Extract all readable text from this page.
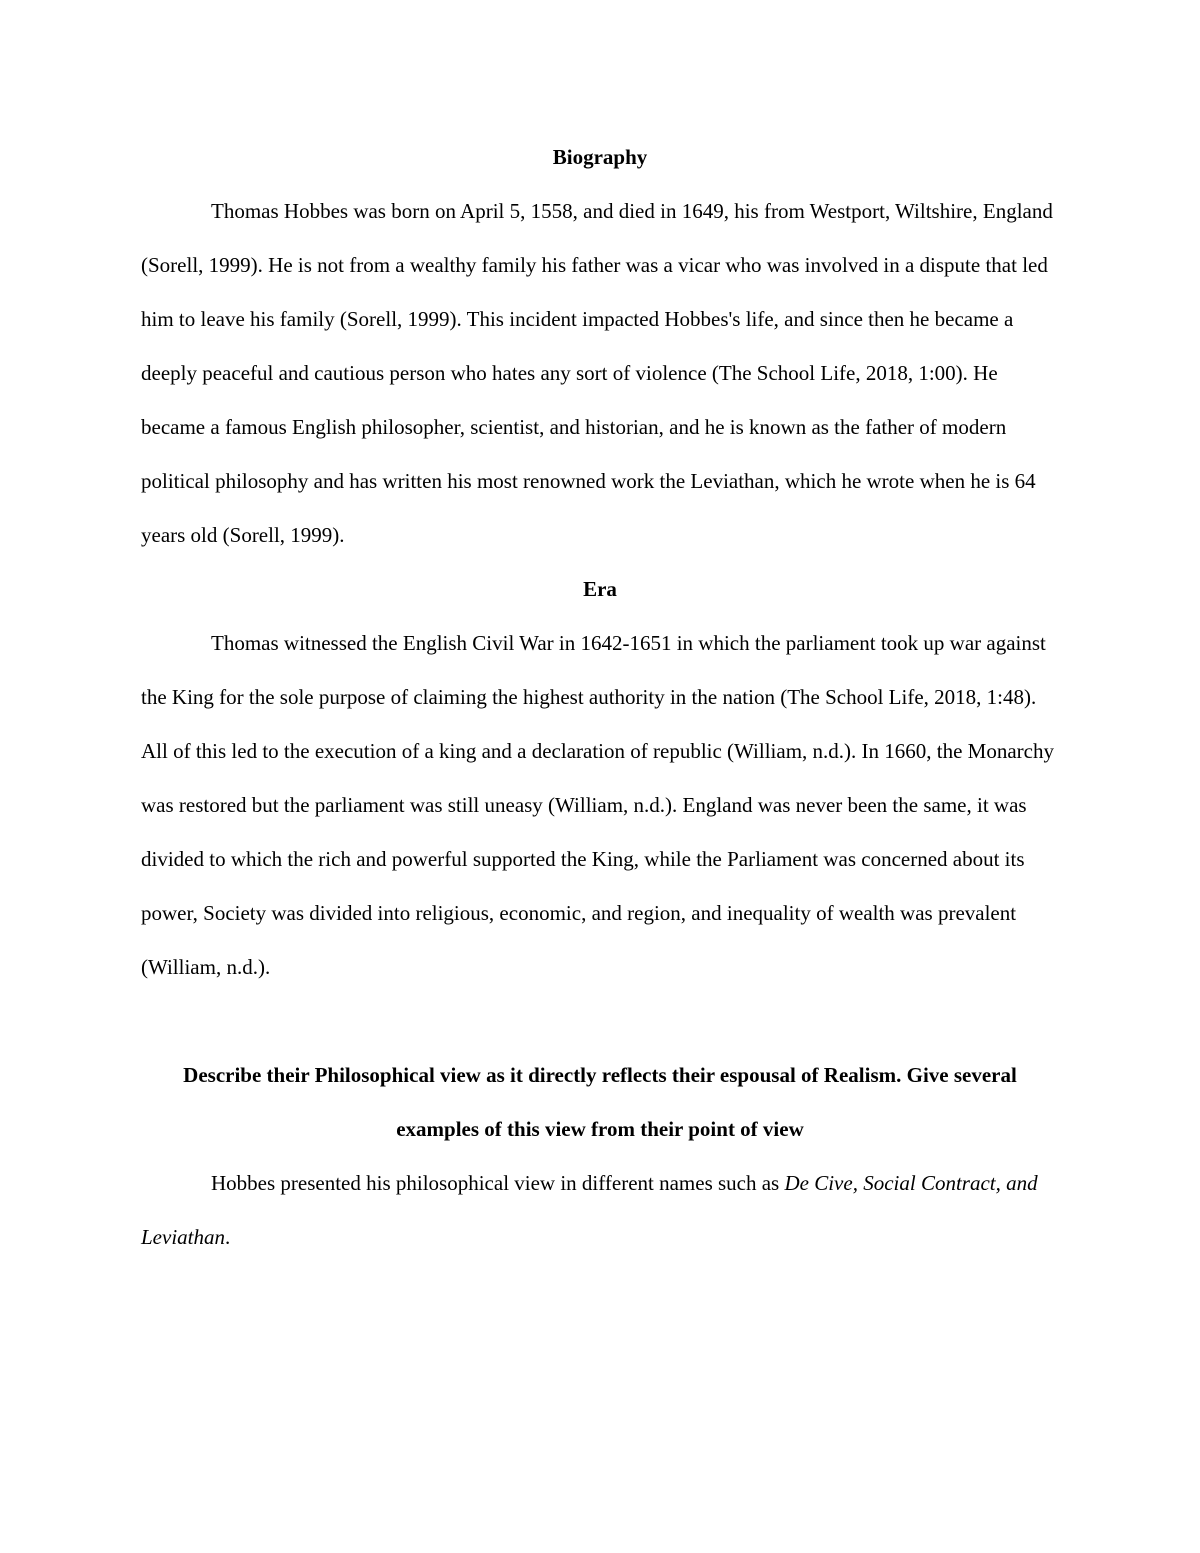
Biography

Thomas Hobbes was born on April 5, 1558, and died in 1649, his from Westport, Wiltshire, England (Sorell, 1999). He is not from a wealthy family his father was a vicar who was involved in a dispute that led him to leave his family (Sorell, 1999). This incident impacted Hobbes's life, and since then he became a deeply peaceful and cautious person who hates any sort of violence (The School Life, 2018, 1:00). He became a famous English philosopher, scientist, and historian, and he is known as the father of modern political philosophy and has written his most renowned work the Leviathan, which he wrote when he is 64 years old (Sorell, 1999).

Era

Thomas witnessed the English Civil War in 1642-1651 in which the parliament took up war against the King for the sole purpose of claiming the highest authority in the nation (The School Life, 2018, 1:48). All of this led to the execution of a king and a declaration of republic (William, n.d.). In 1660, the Monarchy was restored but the parliament was still uneasy (William, n.d.). England was never been the same, it was divided to which the rich and powerful supported the King, while the Parliament was concerned about its power, Society was divided into religious, economic, and region, and inequality of wealth was prevalent (William, n.d.).

Describe their Philosophical view as it directly reflects their espousal of Realism. Give several examples of this view from their point of view

Hobbes presented his philosophical view in different names such as De Cive, Social Contract, and Leviathan.
